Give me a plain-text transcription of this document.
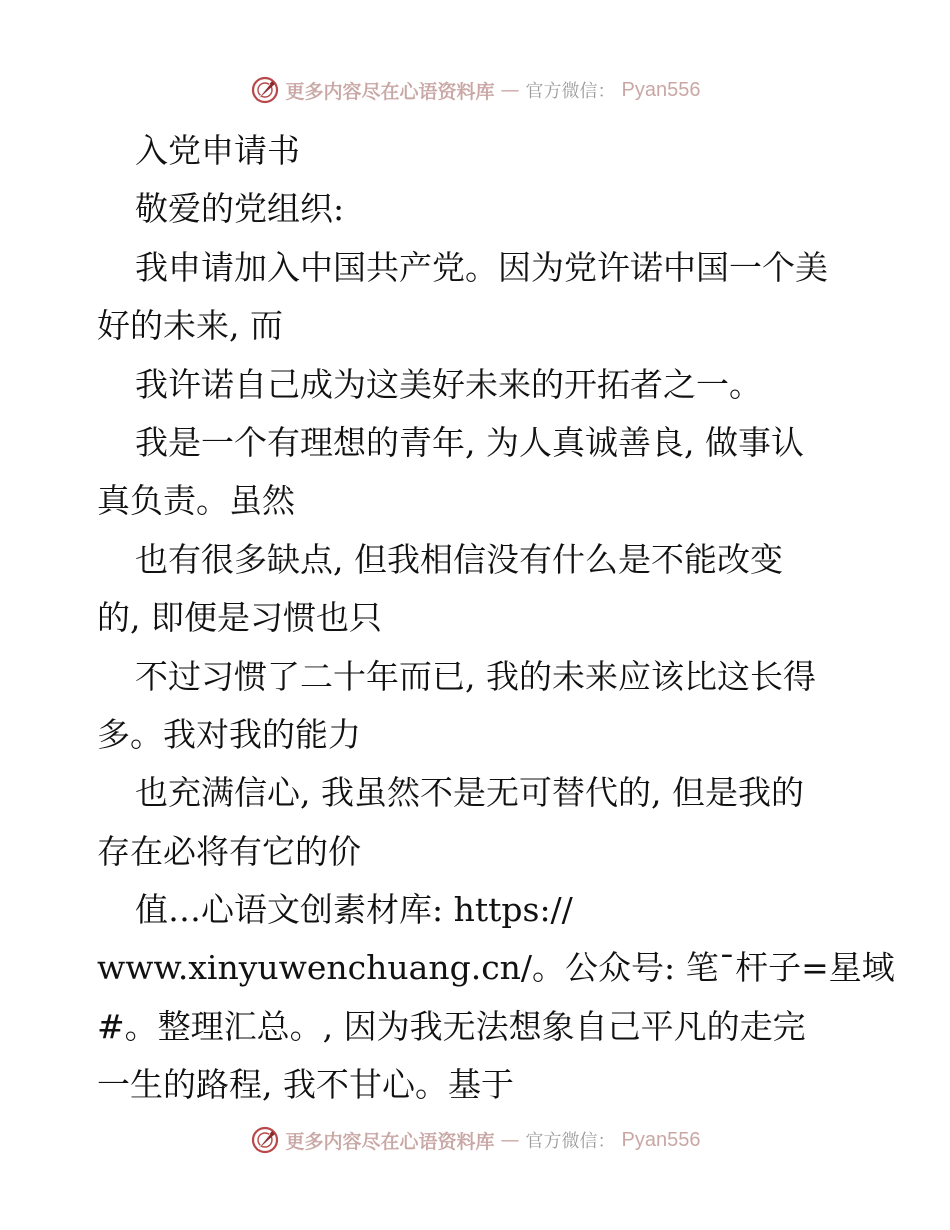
更多内容尽在心语资料库 — 官方微信： Pyan556
入党申请书
敬爱的党组织:
我申请加入中国共产党。因为党许诺中国一个美
好的未来, 而
我许诺自己成为这美好未来的开拓者之一。
我是一个有理想的青年, 为人真诚善良, 做事认
真负责。虽然
也有很多缺点, 但我相信没有什么是不能改变
的, 即便是习惯也只
不过习惯了二十年而已, 我的未来应该比这长得
多。我对我的能力
也充满信心, 我虽然不是无可替代的, 但是我的
存在必将有它的价
值…心语文创素材库: https://
www.xinyuwenchuang.cn/。公众号: 笔¯杆子=星域
#。整理汇总。, 因为我无法想象自己平凡的走完
一生的路程, 我不甘心。基于
更多内容尽在心语资料库 — 官方微信： Pyan556
